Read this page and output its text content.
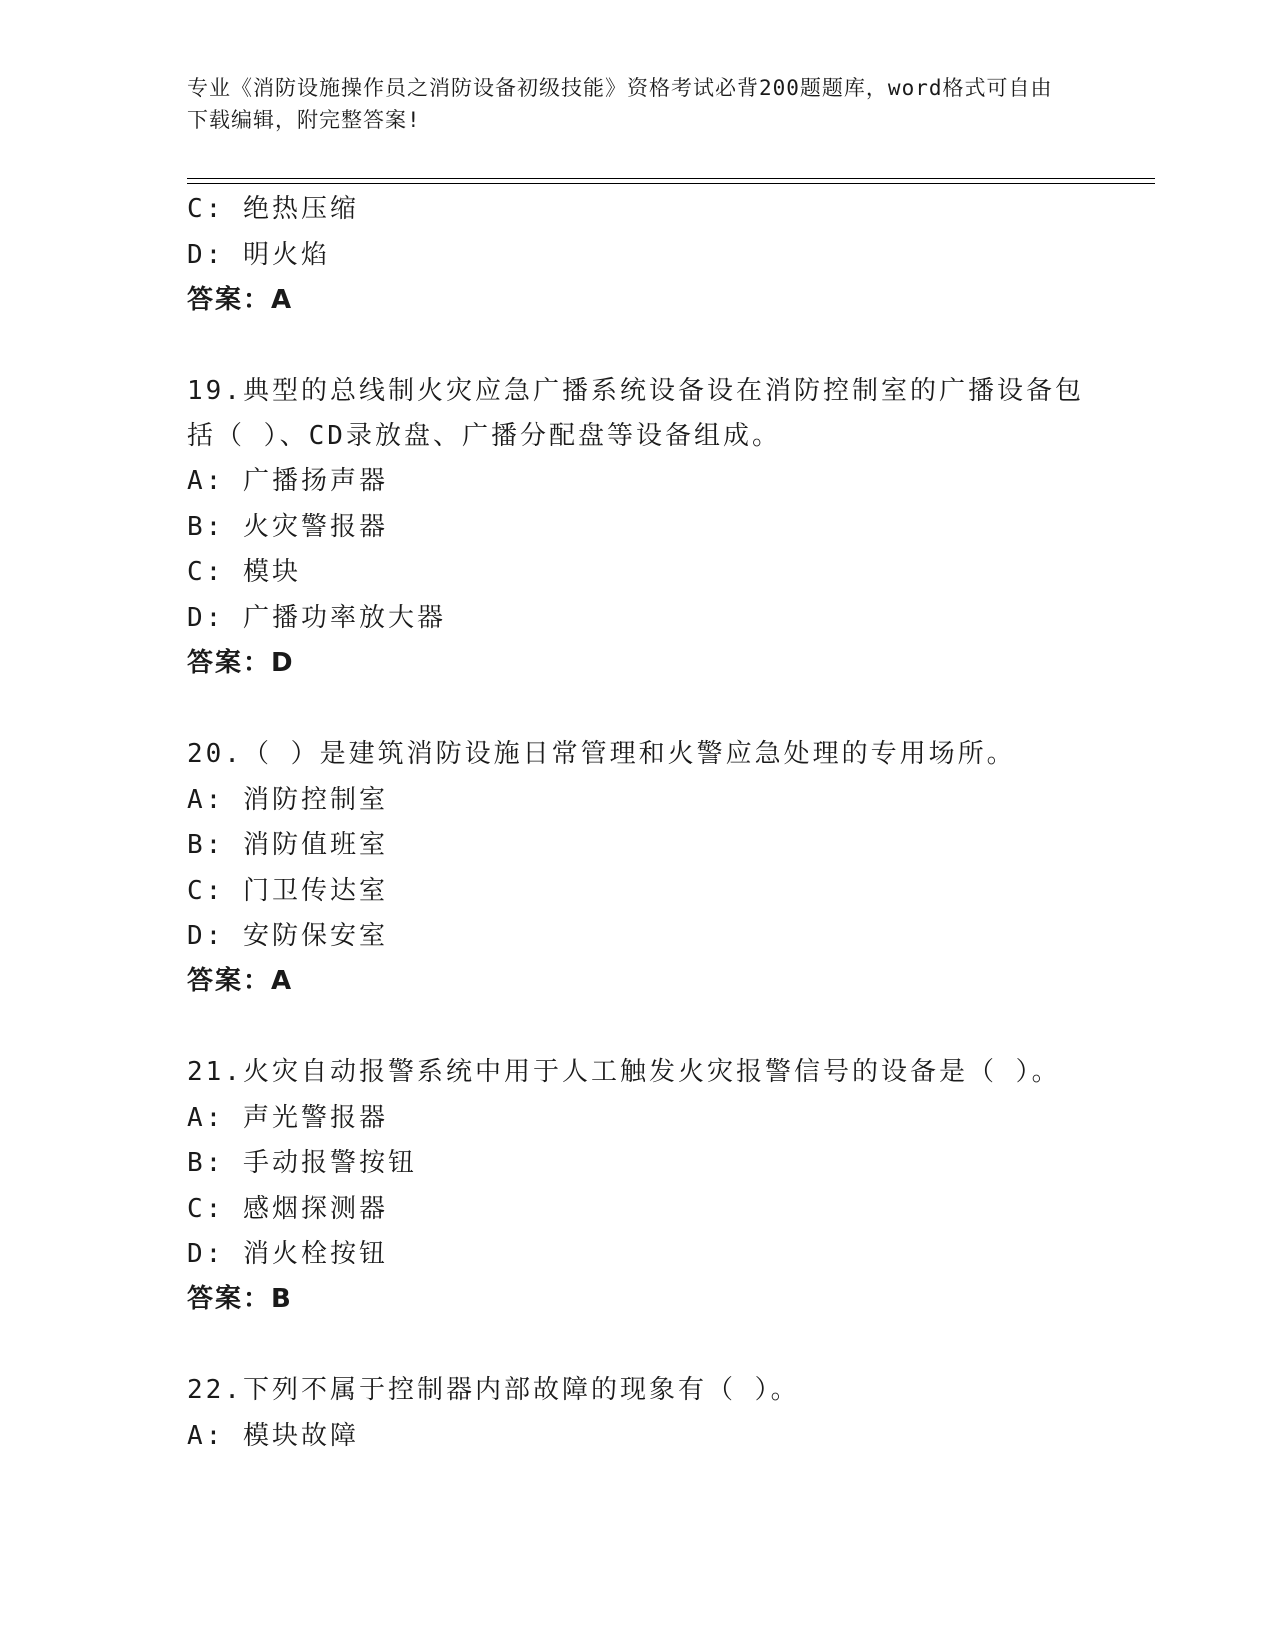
专业《消防设施操作员之消防设备初级技能》资格考试必背200题题库，word格式可自由下载编辑，附完整答案!
C: 绝热压缩
D: 明火焰
答案：A
19.典型的总线制火灾应急广播系统设备设在消防控制室的广播设备包
括（ ）、CD录放盘、广播分配盘等设备组成。
A: 广播扬声器
B: 火灾警报器
C: 模块
D: 广播功率放大器
答案：D
20.（ ）是建筑消防设施日常管理和火警应急处理的专用场所。
A: 消防控制室
B: 消防值班室
C: 门卫传达室
D: 安防保安室
答案：A
21.火灾自动报警系统中用于人工触发火灾报警信号的设备是（ ）。
A: 声光警报器
B: 手动报警按钮
C: 感烟探测器
D: 消火栓按钮
答案：B
22.下列不属于控制器内部故障的现象有（ ）。
A: 模块故障
